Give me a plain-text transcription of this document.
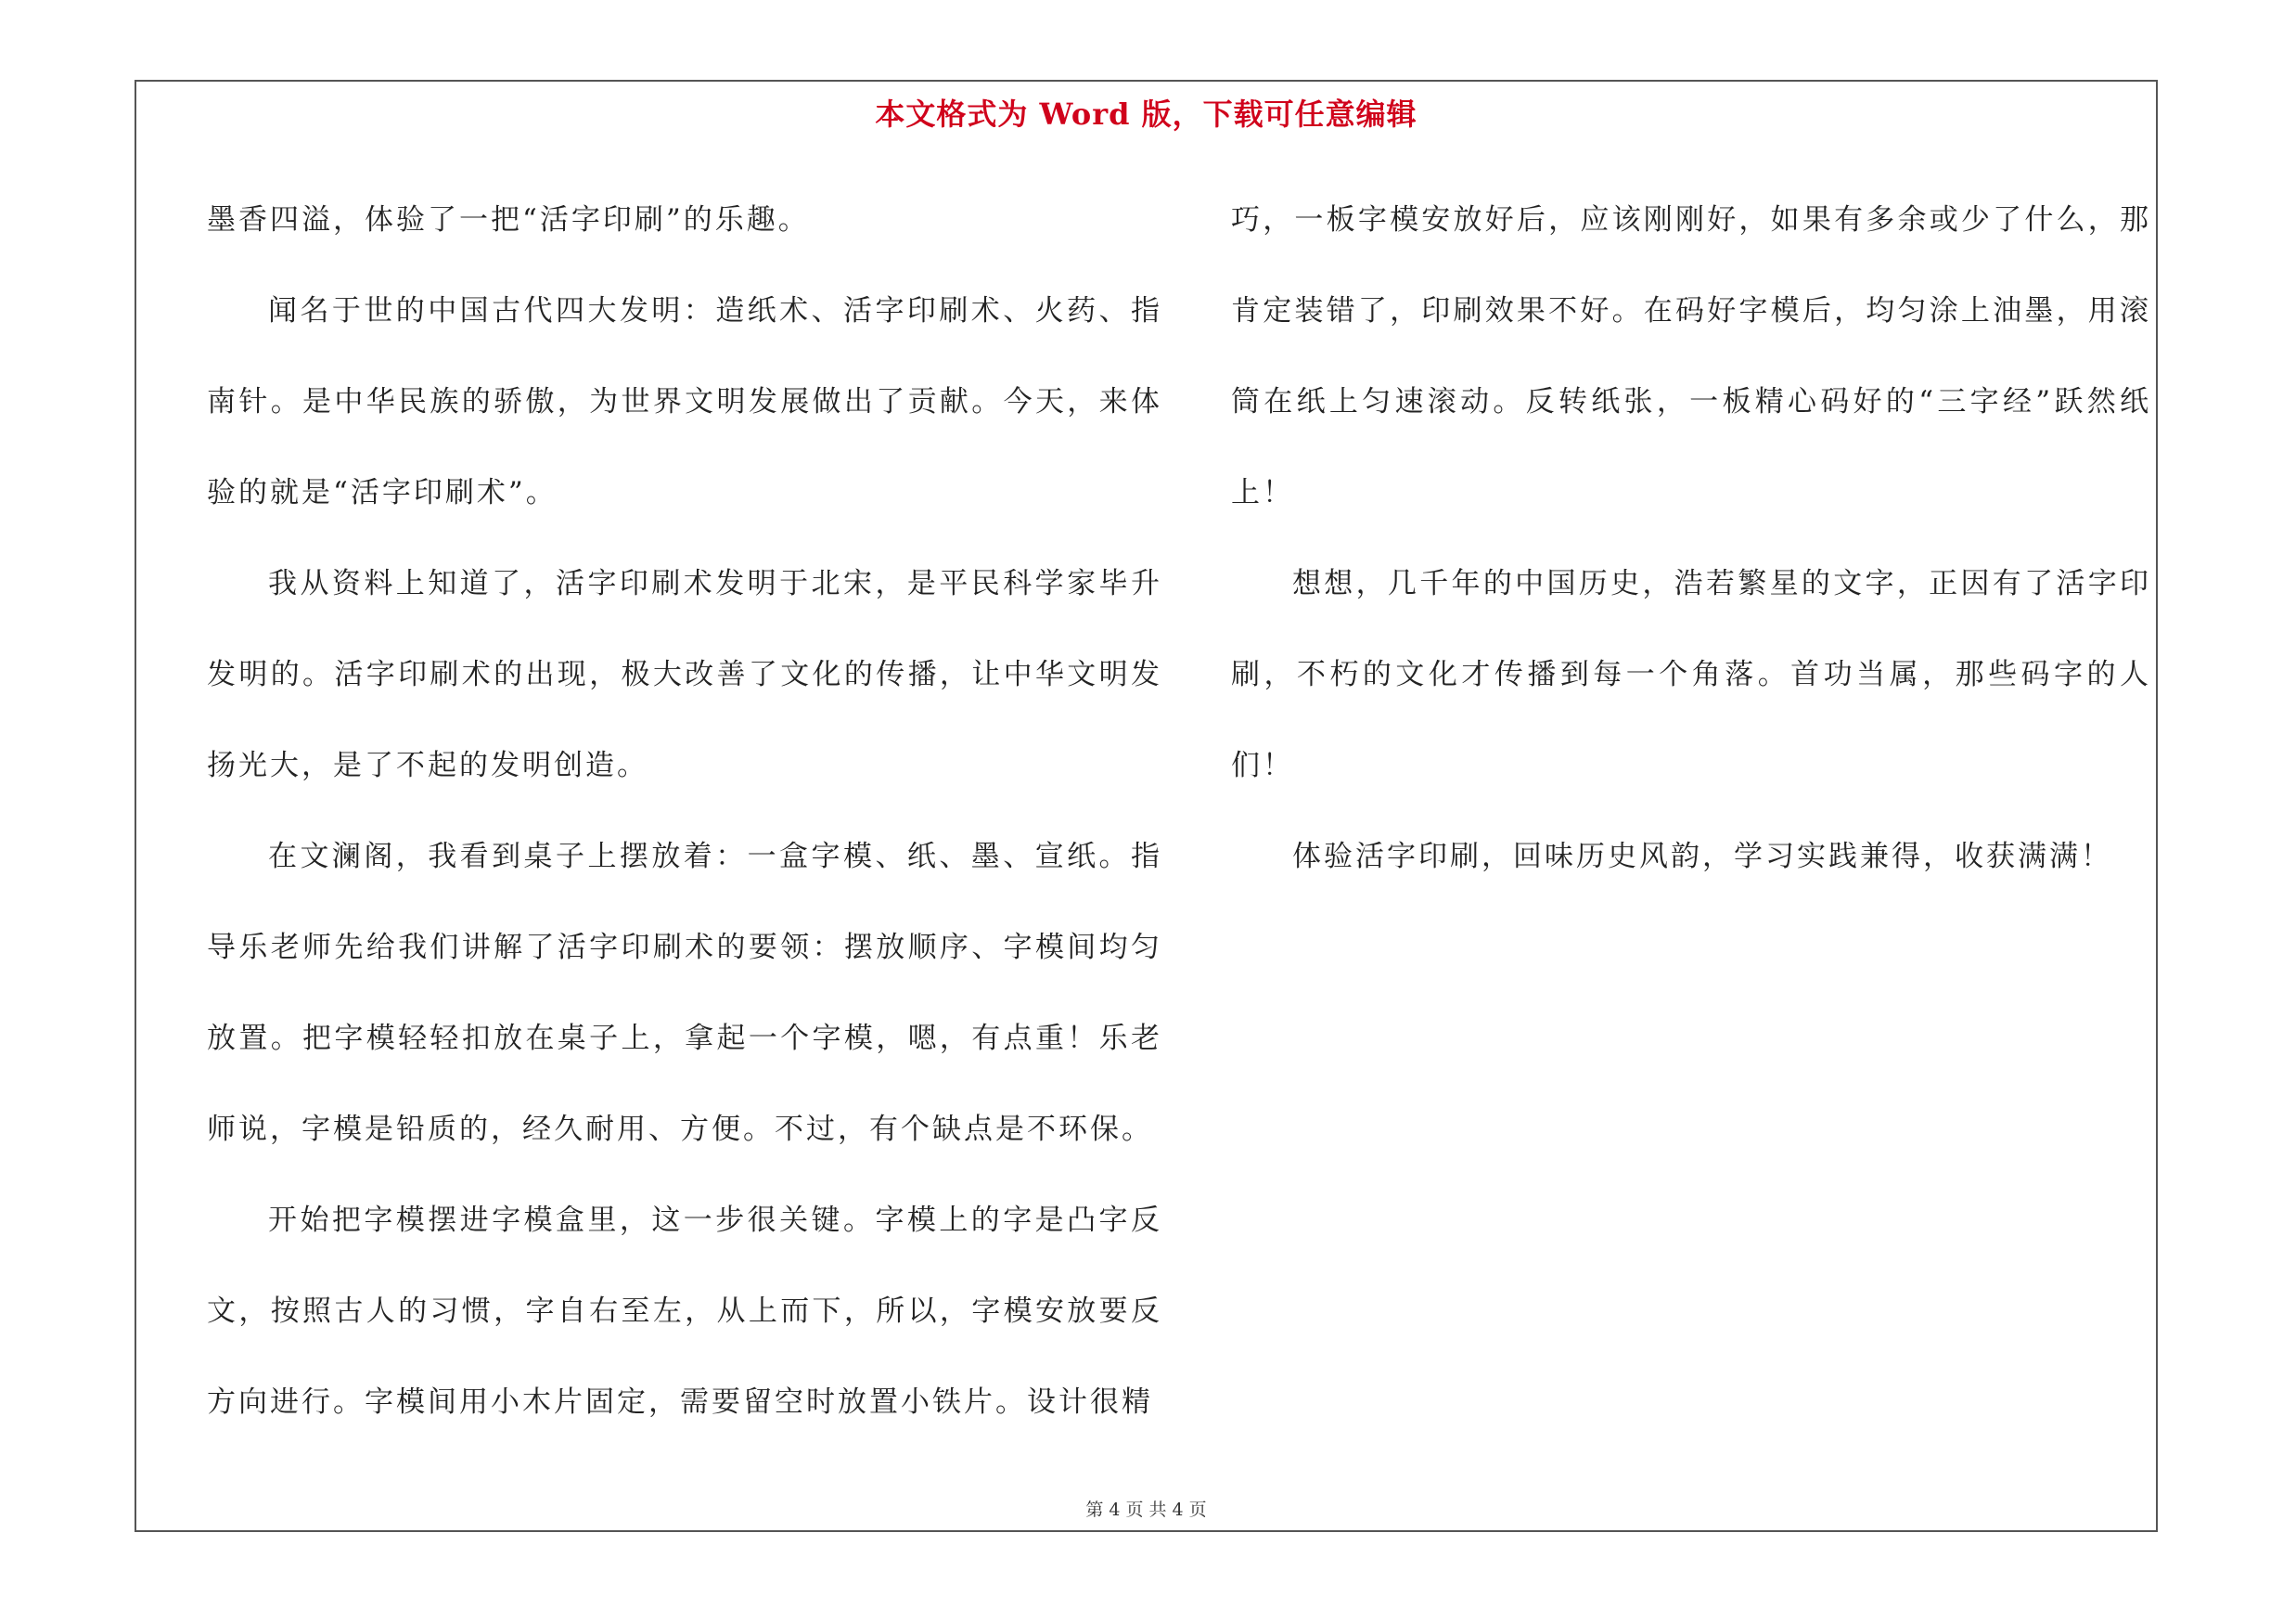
本文格式为 Word 版，下载可任意编辑

墨香四溢，体验了一把“活字印刷”的乐趣。

闻名于世的中国古代四大发明：造纸术、活字印刷术、火药、指南针。是中华民族的骄傲，为世界文明发展做出了贡献。今天，来体验的就是“活字印刷术”。

我从资料上知道了，活字印刷术发明于北宋，是平民科学家毕升发明的。活字印刷术的出现，极大改善了文化的传播，让中华文明发扬光大，是了不起的发明创造。

在文澜阁，我看到桌子上摆放着：一盒字模、纸、墨、宣纸。指导乐老师先给我们讲解了活字印刷术的要领：摆放顺序、字模间均匀放置。把字模轻轻扣放在桌子上，拿起一个字模，嗯，有点重！乐老师说，字模是铅质的，经久耐用、方便。不过，有个缺点是不环保。

开始把字模摆进字模盒里，这一步很关键。字模上的字是凸字反文，按照古人的习惯，字自右至左，从上而下，所以，字模安放要反方向进行。字模间用小木片固定，需要留空时放置小铁片。设计很精

巧，一板字模安放好后，应该刚刚好，如果有多余或少了什么，那肯定装错了，印刷效果不好。在码好字模后，均匀涂上油墨，用滚筒在纸上匀速滚动。反转纸张，一板精心码好的“三字经”跃然纸上！

想想，几千年的中国历史，浩若繁星的文字，正因有了活字印刷，不朽的文化才传播到每一个角落。首功当属，那些码字的人们！

体验活字印刷，回味历史风韵，学习实践兼得，收获满满！

第 4 页 共 4 页
